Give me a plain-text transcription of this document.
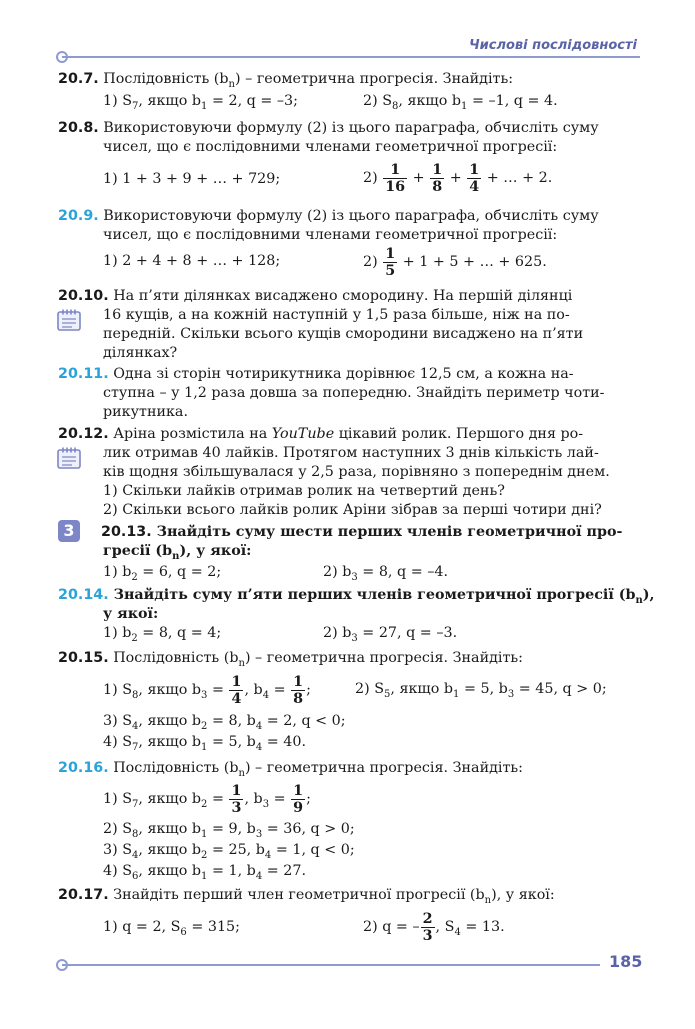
Числові послідовності
20.7. Послідовність $(b_n)$ – геометрична прогресія. Знайдіть:
1) $S_7$, якщо $b_1 = 2$, q = –3;	2) $S_8$, якщо $b_1 = -1$, q = 4.
20.8. Використовуючи формулу (2) із цього параграфа, обчисліть суму
чисел, що є послідовними членами геометричної прогресії:
1) 1 + 3 + 9 + … + 729;	$2) \frac{1}{16} + \frac{1}{8} + \frac{1}{4}$ + … + 2.
20.9. Використовуючи формулу (2) із цього параграфа, обчисліть суму
чисел, що є послідовними членами геометричної прогресії:
1) 2 + 4 + 8 + … + 128;	$2) \frac{1}{5} + 1 + 5$ + … + 625.
20.10. На п’яти ділянках висаджено смородину. На першій ділянці
16 кущів, а на кожній наступній у 1,5 раза більше, ніж на по-
передній. Скільки всього кущів смородини висаджено на п’яти
ділянках?
20.11. Одна зі сторін чотирикутника дорівнює 12,5 см, а кожна на-
ступна – у 1,2 раза довша за попередню. Знайдіть периметр чоти-
рикутника.
20.12. Аріна розмістила на YouTube цікавий ролик. Першого дня ро-
лик отримав 40 лайків. Протягом наступних 3 днів кількість лай-
ків щодня збільшувалася у 2,5 раза, порівняно з попереднім днем.
1) Скільки лайків отримав ролик на четвертий день?
2) Скільки всього лайків ролик Аріни зібрав за перші чотири дні?
3	20.13. Знайдіть суму шести перших членів геометричної про-
гресії $(b_n)$, у якої:
1) $b_2 = 6$, q = 2;	2) $b_3 = 8$, q = –4.
20.14. Знайдіть суму п’яти перших членів геометричної прогресії $(b_n)$,
у якої:
1) $b_2 = 8$, q = 4;	2) $b_3 = 27$, q = –3.
20.15. Послідовність $(b_n)$ – геометрична прогресія. Знайдіть:
1) $S_8$, якщо $b_3 = \frac{1}{4}$ , $b_4 = \frac{1}{8}$ ;	2) $S_5$, якщо $b_1 = 5$, $b_3 = 45$, q > 0;
3) $S_4$, якщо $b_2 = 8$, $b_4 = 2$, q < 0;
4) $S_7$, якщо $b_1 = 5$, $b_4 = 40$.
20.16. Послідовність $(b_n)$ – геометрична прогресія. Знайдіть:
1) $S_7$, якщо $b_2 = \frac{1}{3}$ , $b_3 = \frac{1}{9}$ ;
2) $S_8$, якщо $b_1 = 9$, $b_3 = 36$, q > 0;
3) $S_4$, якщо $b_2 = 25$, $b_4 = 1$, q < 0;
4) $S_6$, якщо $b_1 = 1$, $b_4 = 27$.
20.17. Знайдіть перший член геометричної прогресії $(b_n)$, у якої:
1) q = 2, $S_6 = 315$;	2) q = – $\frac{2}{3}$ , $S_4 = 13$.
185
